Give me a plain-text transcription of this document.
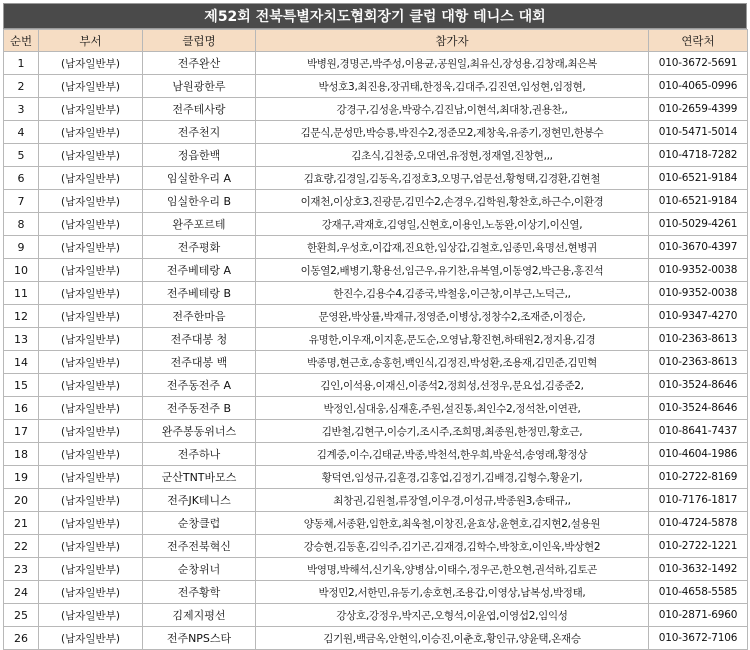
제52회 전북특별자치도협회장기 클럽 대항 테니스 대회
순번	부서	클럽명	참가자	연락처
1	(남자일반부)	전주완산	박병원,경명곤,박주성,이용균,공원일,최유신,장성용,김창래,최은복	010-3672-5691
2	(남자일반부)	남원광한루	박성호3,최진용,장귀태,한정욱,김대주,김진연,임성현,임정현,	010-4065-0996
3	(남자일반부)	전주테사랑	강경구,김성윤,박광수,김진남,이현석,최대창,권용찬,,	010-2659-4399
4	(남자일반부)	전주천지	김문식,문성만,박승룡,박진수2,정준모2,제창욱,유종기,정현민,한봉수	010-5471-5014
5	(남자일반부)	정읍한백	김초식,김천중,오대연,유정현,정재열,진창현,,,	010-4718-7282
6	(남자일반부)	임실한우리 A	김효량,김경일,김동옥,김정호3,오명구,엄문선,황형택,김경환,김현철	010-6521-9184
7	(남자일반부)	임실한우리 B	이재천,이상호3,진광문,김민수2,손경우,김학원,황찬호,하근수,이환경	010-6521-9184
8	(남자일반부)	완주포르테	강재구,곽재호,김영일,신현호,이용인,노동완,이상기,이신열,	010-5029-4261
9	(남자일반부)	전주평화	한환희,우성호,이갑재,진요한,임상갑,김철호,임종민,육명선,현병귀	010-3670-4397
10	(남자일반부)	전주베테랑 A	이동열2,배병기,황용선,임근우,유기찬,유복열,이동영2,박근용,홍진석	010-9352-0038
11	(남자일반부)	전주베테랑 B	한진수,김용수4,김종국,박철웅,이근창,이부근,노덕근,,	010-9352-0038
12	(남자일반부)	전주한마음	문영완,박상률,박재규,정영준,이병상,정창수2,조재준,이정순,	010-9347-4270
13	(남자일반부)	전주대봉 청	유명한,이우재,이지훈,문도순,오영남,황진현,하태원2,정지용,김경	010-2363-8613
14	(남자일반부)	전주대봉 백	박종명,현근호,송홍헌,백인식,김정진,박성환,조용재,김민준,김민혁	010-2363-8613
15	(남자일반부)	전주동전주 A	김인,이석용,이재신,이종석2,정희성,선정우,문요섭,김종준2,	010-3524-8646
16	(남자일반부)	전주동전주 B	박정인,심대웅,심재훈,주원,설진통,최인수2,정석찬,이연관,	010-3524-8646
17	(남자일반부)	완주봉동위너스	김반철,김현구,이승기,조시주,조희명,최종원,한정민,황호근,	010-8641-7437
18	(남자일반부)	전주하나	김계중,이수,김태균,박종,박천석,한우희,박윤석,송영래,황정상	010-4604-1986
19	(남자일반부)	군산TNT바모스	황덕연,임성규,김훈경,김홍업,김정기,김배경,김형수,황윤기,	010-2722-8169
20	(남자일반부)	전주JK테니스	최창권,김원철,류장열,이우경,이성규,박종원3,송태규,,	010-7176-1817
21	(남자일반부)	순창클럽	양동채,서종환,임한호,최욱철,이창진,윤효상,윤현호,김지현2,설용원	010-4724-5878
22	(남자일반부)	전주전북혁신	강승현,김동훈,김익주,김기곤,김재경,김학수,박창호,이인욱,박상현2	010-2722-1221
23	(남자일반부)	순창위너	박영명,박해석,신기욱,양병삼,이태수,정우곤,한오현,권석하,김토곤	010-3632-1492
24	(남자일반부)	전주황학	박정민2,서한민,유동기,송호현,조용갑,이영상,남복성,박정태,	010-4658-5585
25	(남자일반부)	김제지평선	강상호,강정우,박지곤,오형석,이윤엽,이영섭2,임익성	010-2871-6960
26	(남자일반부)	전주NPS스타	김기원,백금옥,안현익,이승진,이춘호,황인규,양윤택,온재승	010-3672-7106
